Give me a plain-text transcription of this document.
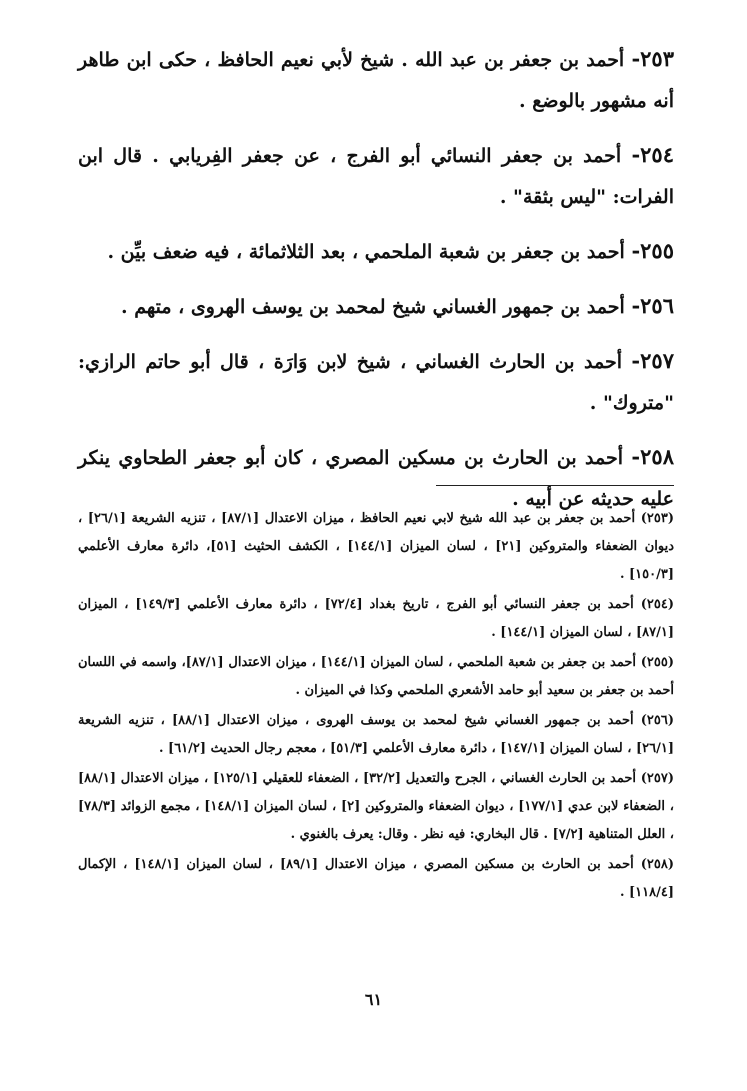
٢٥٣- أحمد بن جعفر بن عبد الله . شيخ لأبي نعيم الحافظ ، حكى ابن طاهر أنه مشهور بالوضع .

٢٥٤- أحمد بن جعفر النسائي أبو الفرج ، عن جعفر الفِريابي . قال ابن الفرات: "ليس بثقة" .

٢٥٥- أحمد بن جعفر بن شعبة الملحمي ، بعد الثلاثمائة ، فيه ضعف بيِّن .

٢٥٦- أحمد بن جمهور الغساني شيخ لمحمد بن يوسف الهروى ، متهم .

٢٥٧- أحمد بن الحارث الغساني ، شيخ لابن وَارَة ، قال أبو حاتم الرازي: "متروك" .

٢٥٨- أحمد بن الحارث بن مسكين المصري ، كان أبو جعفر الطحاوي ينكر عليه حديثه عن أبيه .

(٢٥٣) أحمد بن جعفر بن عبد الله شيخ لابي نعيم الحافظ ، ميزان الاعتدال [٨٧/١] ، تنزيه الشريعة [٢٦/١] ، ديوان الضعفاء والمتروكين [٢١] ، لسان الميزان [١٤٤/١] ، الكشف الحثيث [٥١]، دائرة معارف الأعلمي [١٥٠/٣] .

(٢٥٤) أحمد بن جعفر النسائي أبو الفرج ، تاريخ بغداد [٧٢/٤] ، دائرة معارف الأعلمي [١٤٩/٣] ، الميزان [٨٧/١] ، لسان الميزان [١٤٤/١] .

(٢٥٥) أحمد بن جعفر بن شعبة الملحمي ، لسان الميزان [١٤٤/١] ، ميزان الاعتدال [٨٧/١]، واسمه في اللسان أحمد بن جعفر بن سعيد أبو حامد الأشعري الملحمي وكذا في الميزان .

(٢٥٦) أحمد بن جمهور الغساني شيخ لمحمد بن يوسف الهروى ، ميزان الاعتدال [٨٨/١] ، تنزيه الشريعة [٢٦/١] ، لسان الميزان [١٤٧/١] ، دائرة معارف الأعلمي [٥١/٣] ، معجم رجال الحديث [٦١/٢] .

(٢٥٧) أحمد بن الحارث الغساني ، الجرح والتعديل [٣٢/٢] ، الضعفاء للعقيلي [١٢٥/١] ، ميزان الاعتدال [٨٨/١] ، الضعفاء لابن عدي [١٧٧/١] ، ديوان الضعفاء والمتروكين [٢] ، لسان الميزان [١٤٨/١] ، مجمع الزوائد [٧٨/٣] ، العلل المتناهية [٧/٢] . قال البخاري: فيه نظر . وقال: يعرف بالغنوي .

(٢٥٨) أحمد بن الحارث بن مسكين المصري ، ميزان الاعتدال [٨٩/١] ، لسان الميزان [١٤٨/١] ، الإكمال [١١٨/٤] .

٦١
